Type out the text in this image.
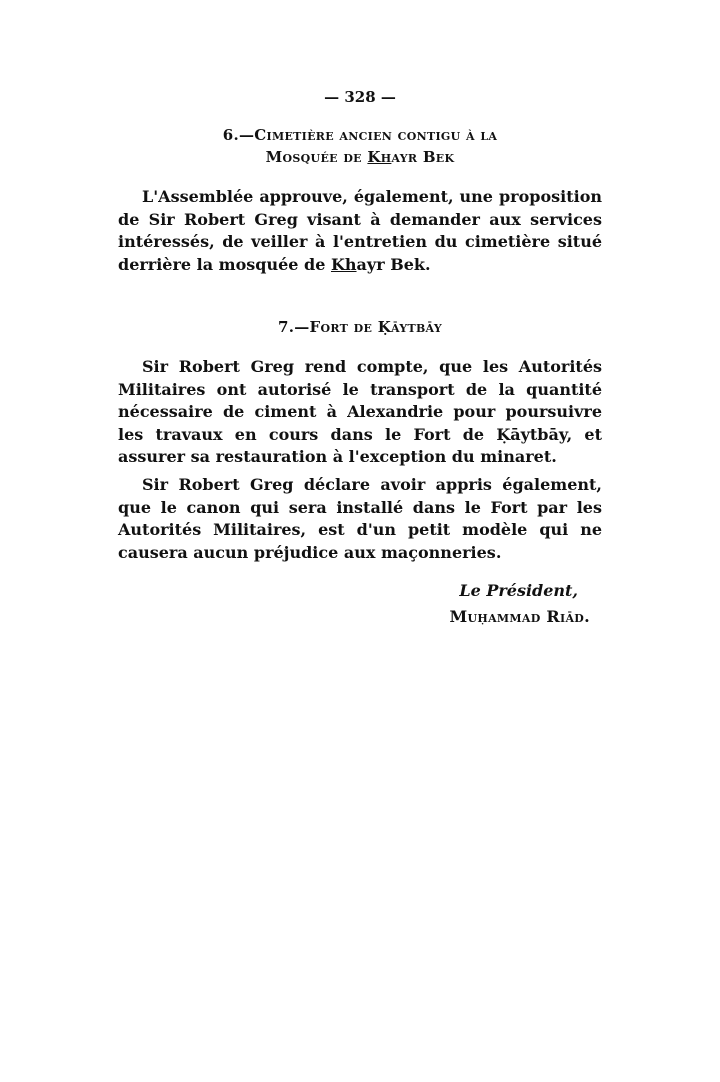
— 328 —
6.—Cimetière ancien contigu à la
Mosquée de Khayr Bek

L'Assemblée approuve, également, une proposition de Sir Robert Greg visant à demander aux services intéressés, de veiller à l'entretien du cimetière situé derrière la mosquée de Khayr Bek.

7.—Fort de Ḳāytbāy

Sir Robert Greg rend compte, que les Autorités Militaires ont autorisé le transport de la quantité nécessaire de ciment à Alexandrie pour poursuivre les travaux en cours dans le Fort de Ḳāytbāy, et assurer sa restauration à l'exception du minaret.

Sir Robert Greg déclare avoir appris également, que le canon qui sera installé dans le Fort par les Autorités Militaires, est d'un petit modèle qui ne causera aucun préjudice aux maçonneries.

Le Président,
Muḥammad Riād.
